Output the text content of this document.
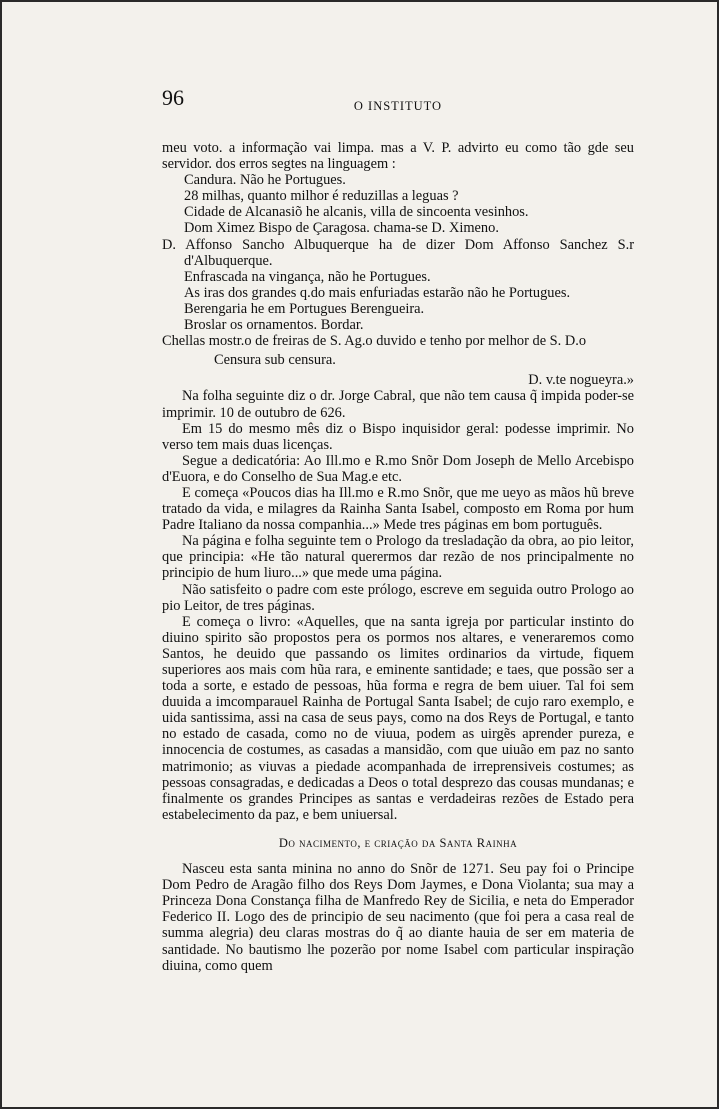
96	O INSTITUTO

meu voto. a informação vai limpa. mas a V. P. advirto eu como tão gde seu servidor. dos erros segtes na linguagem :

Candura. Não he Portugues.

28 milhas, quanto milhor é reduzillas a leguas ?

Cidade de Alcanasiõ he alcanis, villa de sincoenta vesinhos.

Dom Ximez Bispo de Çaragosa. chama-se D. Ximeno.

D. Affonso Sancho Albuquerque ha de dizer Dom Affonso Sanchez S.r d'Albuquerque.

Enfrascada na vingança, não he Portugues.

As iras dos grandes q.do mais enfuriadas estarão não he Portugues.

Berengaria he em Portugues Berengueira.

Broslar os ornamentos. Bordar.

Chellas mostr.o de freiras de S. Ag.o duvido e tenho por melhor de S. D.o

Censura sub censura.

D. v.te nogueyra.»

Na folha seguinte diz o dr. Jorge Cabral, que não tem causa q̃ impida poder-se imprimir. 10 de outubro de 626.

Em 15 do mesmo mês diz o Bispo inquisidor geral: podesse imprimir. No verso tem mais duas licenças.

Segue a dedicatória: Ao Ill.mo e R.mo Snõr Dom Joseph de Mello Arcebispo d'Euora, e do Conselho de Sua Mag.e etc.

E começa «Poucos dias ha Ill.mo e R.mo Snõr, que me ueyo as mãos hũ breve tratado da vida, e milagres da Rainha Santa Isabel, composto em Roma por hum Padre Italiano da nossa companhia...» Mede tres páginas em bom português.

Na página e folha seguinte tem o Prologo da tresladação da obra, ao pio leitor, que principia: «He tão natural querermos dar rezão de nos principalmente no principio de hum liuro...» que mede uma página.

Não satisfeito o padre com este prólogo, escreve em seguida outro Prologo ao pio Leitor, de tres páginas.

E começa o livro: «Aquelles, que na santa igreja por particular instinto do diuino spirito são propostos pera os pormos nos altares, e veneraremos como Santos, he deuido que passando os limites ordinarios da virtude, fiquem superiores aos mais com hũa rara, e eminente santidade; e taes, que possão ser a toda a sorte, e estado de pessoas, hũa forma e regra de bem uiuer. Tal foi sem duuida a imcomparauel Rainha de Portugal Santa Isabel; de cujo raro exemplo, e uida santissima, assi na casa de seus pays, como na dos Reys de Portugal, e tanto no estado de casada, como no de viuua, podem as uirgẽs aprender pureza, e innocencia de costumes, as casadas a mansidão, com que uiuão em paz no santo matrimonio; as viuvas a piedade acompanhada de irreprensiveis costumes; as pessoas consagradas, e dedicadas a Deos o total desprezo das cousas mundanas; e finalmente os grandes Principes as santas e verdadeiras rezões de Estado pera estabelecimento da paz, e bem uniuersal.

Do nacimento, e criação da Santa Rainha

Nasceu esta santa minina no anno do Snõr de 1271. Seu pay foi o Principe Dom Pedro de Aragão filho dos Reys Dom Jaymes, e Dona Violanta; sua may a Princeza Dona Constança filha de Manfredo Rey de Sicilia, e neta do Emperador Federico II. Logo des de principio de seu nacimento (que foi pera a casa real de summa alegria) deu claras mostras do q̃ ao diante hauia de ser em materia de santidade. No bautismo lhe pozerão por nome Isabel com particular inspiração diuina, como quem
